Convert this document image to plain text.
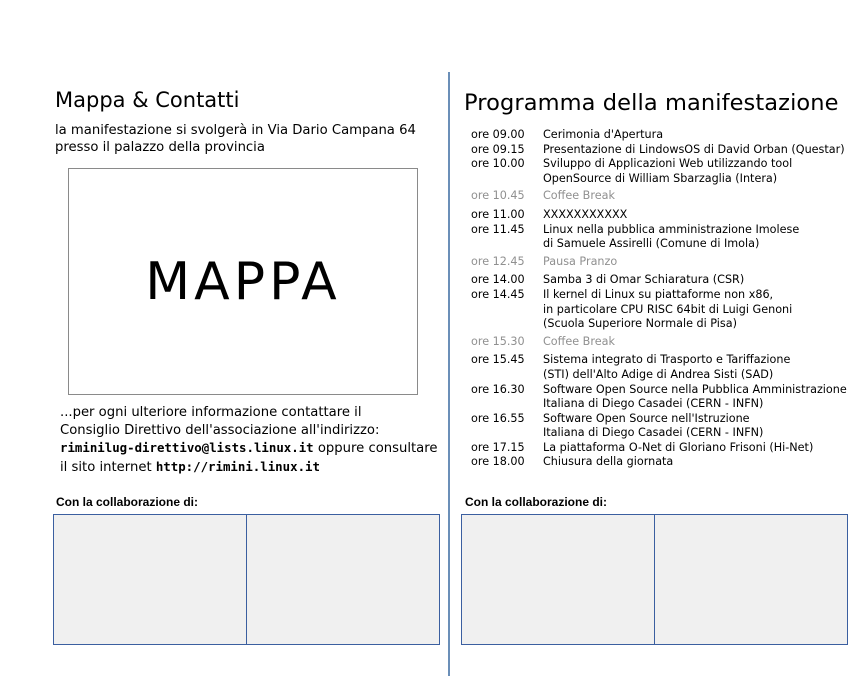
Mappa & Contatti
la manifestazione si svolgerà in Via Dario Campana 64
presso il palazzo della provincia
MAPPA
...per ogni ulteriore informazione contattare il
Consiglio Direttivo dell'associazione all'indirizzo:
riminilug-direttivo@lists.linux.it oppure consultare
il sito internet http://rimini.linux.it
Con la collaborazione di:
Programma della manifestazione
ore 09.00	Cerimonia d'Apertura
ore 09.15	Presentazione di LindowsOS di David Orban (Questar)
ore 10.00	Sviluppo di Applicazioni Web utilizzando tool
OpenSource di William Sbarzaglia (Intera)
ore 10.45	Coffee Break
ore 11.00	XXXXXXXXXXX
ore 11.45	Linux nella pubblica amministrazione Imolese
di Samuele Assirelli (Comune di Imola)
ore 12.45	Pausa Pranzo
ore 14.00	Samba 3 di Omar Schiaratura (CSR)
ore 14.45	Il kernel di Linux su piattaforme non x86,
in particolare CPU RISC 64bit di Luigi Genoni
(Scuola Superiore Normale di Pisa)
ore 15.30	Coffee Break
ore 15.45	Sistema integrato di Trasporto e Tariffazione
(STI) dell'Alto Adige di Andrea Sisti (SAD)
ore 16.30	Software Open Source nella Pubblica Amministrazione
Italiana di Diego Casadei (CERN - INFN)
ore 16.55	Software Open Source nell'Istruzione
Italiana di Diego Casadei (CERN - INFN)
ore 17.15	La piattaforma O-Net di Gloriano Frisoni (Hi-Net)
ore 18.00	Chiusura della giornata
Con la collaborazione di:
